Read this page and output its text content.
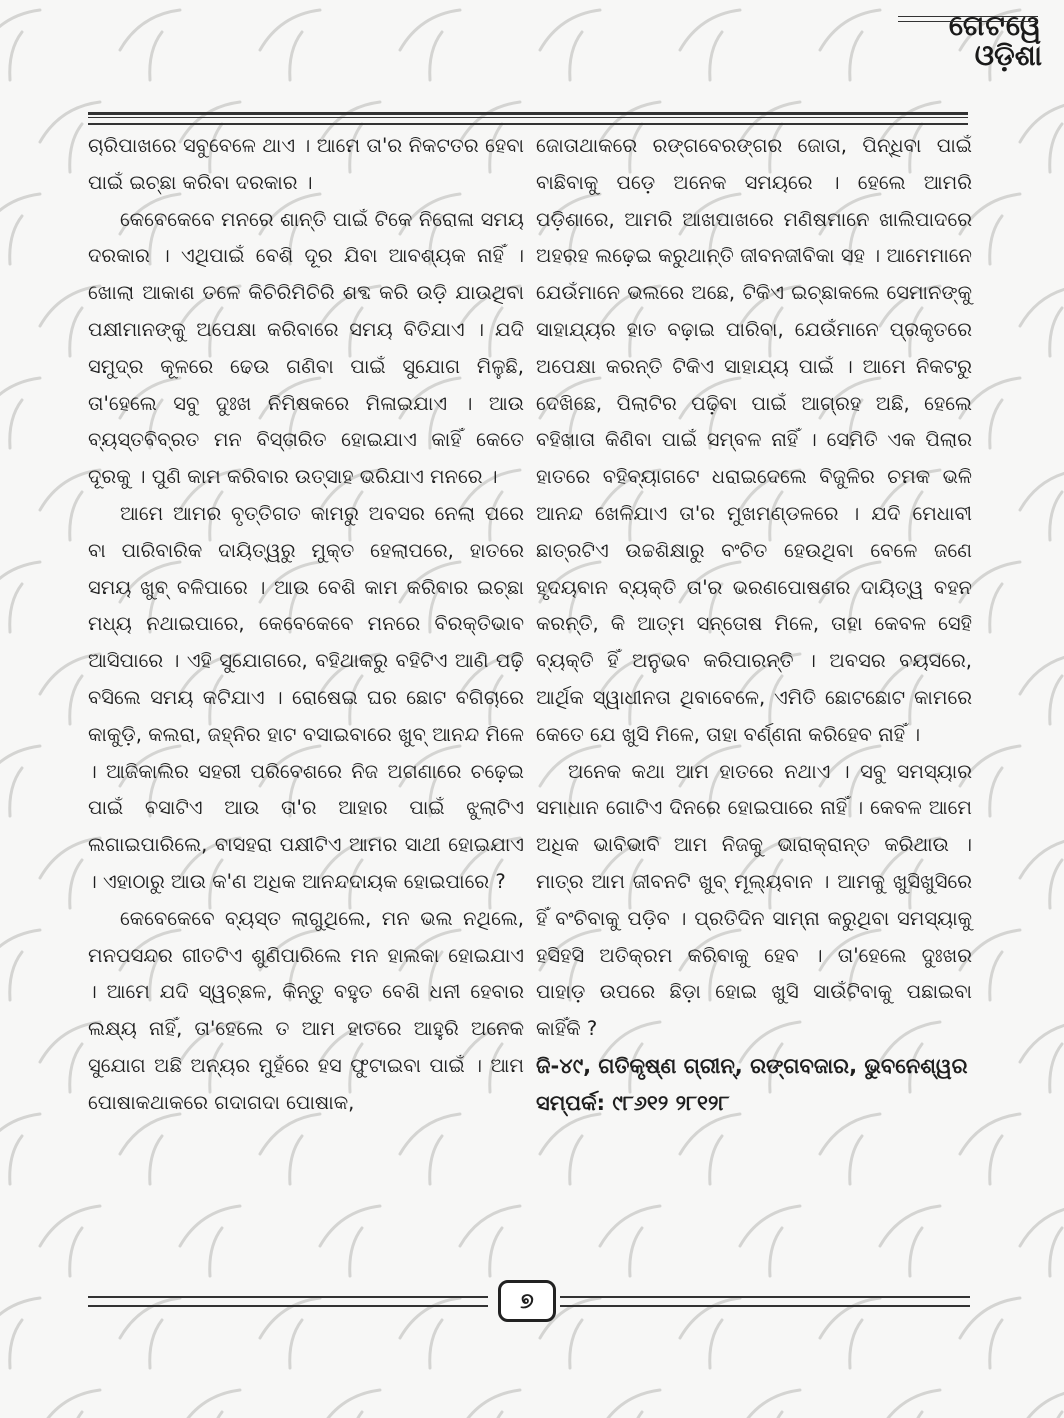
ଗେଟୱେ
ଓଡ଼ିଶା

ଚାରିପାଖରେ ସବୁବେଳେ ଥାଏ । ଆମେ ତା'ର ନିକଟତର ହେବା ପାଇଁ ଇଚ୍ଛା କରିବା ଦରକାର ।

କେବେକେବେ ମନରେ ଶାନ୍ତି ପାଇଁ ଟିକେ ନିରୋଳା ସମୟ ଦରକାର । ଏଥିପାଇଁ ବେଶି ଦୂର ଯିବା ଆବଶ୍ୟକ ନାହିଁ । ଖୋଲା ଆକାଶ ତଳେ କିଚିରିମିଚିରି ଶବ୍ଦ କରି ଉଡ଼ି ଯାଉଥିବା ପକ୍ଷୀମାନଙ୍କୁ ଅପେକ୍ଷା କରିବାରେ ସମୟ ବିତିଯାଏ । ଯଦି ସମୁଦ୍ର କୂଳରେ ଢେଉ ଗଣିବା ପାଇଁ ସୁଯୋଗ ମିଳୁଛି, ତା'ହେଲେ ସବୁ ଦୁଃଖ ନିମିଷକରେ ମିଳାଇଯାଏ । ଆଉ ବ୍ୟସ୍ତବିବ୍ରତ ମନ ବିସ୍ତାରିତ ହୋଇଯାଏ କାହିଁ କେତେ ଦୂରକୁ । ପୁଣି କାମ କରିବାର ଉତ୍ସାହ ଭରିଯାଏ ମନରେ ।

ଆମେ ଆମର ବୃତ୍ତିଗତ କାମରୁ ଅବସର ନେଲା ପରେ ବା ପାରିବାରିକ ଦାୟିତ୍ୱରୁ ମୁକ୍ତ ହେଲାପରେ, ହାତରେ ସମୟ ଖୁବ୍ ବଳିପାରେ । ଆଉ ବେଶି କାମ କରିବାର ଇଚ୍ଛା ମଧ୍ୟ ନଥାଇପାରେ, କେବେକେବେ ମନରେ ବିରକ୍ତିଭାବ ଆସିପାରେ । ଏହି ସୁଯୋଗରେ, ବହିଥାକରୁ ବହିଟିଏ ଆଣି ପଢ଼ି ବସିଲେ ସମୟ କଟିଯାଏ । ରୋଷେଇ ଘର ଛୋଟ ବଗିଚାରେ କାକୁଡ଼ି, କଲରା, ଜହ୍ନିର ହାଟ ବସାଇବାରେ ଖୁବ୍ ଆନନ୍ଦ ମିଳେ । ଆଜିକାଲିର ସହରୀ ପରିବେଶରେ ନିଜ ଅଗଣାରେ ଚଢ଼େଇ ପାଇଁ ବସାଟିଏ ଆଉ ତା'ର ଆହାର ପାଇଁ ଝୁଲାଟିଏ ଲଗାଇପାରିଲେ, ବାସହରା ପକ୍ଷୀଟିଏ ଆମର ସାଥୀ ହୋଇଯାଏ । ଏହାଠାରୁ ଆଉ କ'ଣ ଅଧିକ ଆନନ୍ଦଦାୟକ ହୋଇପାରେ ?

କେବେକେବେ ବ୍ୟସ୍ତ ଲାଗୁଥିଲେ, ମନ ଭଲ ନଥିଲେ, ମନପସନ୍ଦର ଗୀତଟିଏ ଶୁଣିପାରିଲେ ମନ ହାଲକା ହୋଇଯାଏ । ଆମେ ଯଦି ସ୍ୱଚ୍ଛଳ, କିନ୍ତୁ ବହୁତ ବେଶି ଧନୀ ହେବାର ଲକ୍ଷ୍ୟ ନାହିଁ, ତା'ହେଲେ ତ ଆମ ହାତରେ ଆହୁରି ଅନେକ ସୁଯୋଗ ଅଛି ଅନ୍ୟର ମୁହଁରେ ହସ ଫୁଟାଇବା ପାଇଁ । ଆମ ପୋଷାକଥାକରେ ଗଦାଗଦା ପୋଷାକ,

ଜୋତାଥାକରେ ରଙ୍ଗବେରଙ୍ଗର ଜୋତା, ପିନ୍ଧିବା ପାଇଁ ବାଛିବାକୁ ପଡ଼େ ଅନେକ ସମୟରେ । ହେଲେ ଆମରି ପଡ଼ିଶାରେ, ଆମରି ଆଖପାଖରେ ମଣିଷମାନେ ଖାଲିପାଦରେ ଅହରହ ଲଢ଼େଇ କରୁଥାନ୍ତି ଜୀବନଜୀବିକା ସହ । ଆମେମାନେ ଯେଉଁମାନେ ଭଲରେ ଅଛେ, ଟିକିଏ ଇଚ୍ଛାକଲେ ସେମାନଙ୍କୁ ସାହାଯ୍ୟର ହାତ ବଢ଼ାଇ ପାରିବା, ଯେଉଁମାନେ ପ୍ରକୃତରେ ଅପେକ୍ଷା କରନ୍ତି ଟିକିଏ ସାହାଯ୍ୟ ପାଇଁ । ଆମେ ନିକଟରୁ ଦେଖିଛେ, ପିଲାଟିର ପଢ଼ିବା ପାଇଁ ଆଗ୍ରହ ଅଛି, ହେଲେ ବହିଖାତା କିଣିବା ପାଇଁ ସମ୍ବଳ ନାହିଁ । ସେମିତି ଏକ ପିଲାର ହାତରେ ବହିବ୍ୟାଗଟେ ଧରାଇଦେଲେ ବିଜୁଳିର ଚମକ ଭଳି ଆନନ୍ଦ ଖେଳିଯାଏ ତା'ର ମୁଖମଣ୍ଡଳରେ । ଯଦି ମେଧାବୀ ଛାତ୍ରଟିଏ ଉଚ୍ଚଶିକ୍ଷାରୁ ବଂଚିତ ହେଉଥିବା ବେଳେ ଜଣେ ହୃଦୟବାନ ବ୍ୟକ୍ତି ତା'ର ଭରଣପୋଷଣର ଦାୟିତ୍ୱ ବହନ କରନ୍ତି, କି ଆତ୍ମ ସନ୍ତୋଷ ମିଳେ, ତାହା କେବଳ ସେହି ବ୍ୟକ୍ତି ହିଁ ଅନୁଭବ କରିପାରନ୍ତି । ଅବସର ବୟସରେ, ଆର୍ଥିକ ସ୍ୱାଧୀନତା ଥିବାବେଳେ, ଏମିତି ଛୋଟଛୋଟ କାମରେ କେତେ ଯେ ଖୁସି ମିଳେ, ତାହା ବର୍ଣ୍ଣନା କରିହେବ ନାହିଁ ।

ଅନେକ କଥା ଆମ ହାତରେ ନଥାଏ । ସବୁ ସମସ୍ୟାର ସମାଧାନ ଗୋଟିଏ ଦିନରେ ହୋଇପାରେ ନାହିଁ । କେବଳ ଆମେ ଅଧିକ ଭାବିଭାବି ଆମ ନିଜକୁ ଭାରାକ୍ରାନ୍ତ କରିଥାଉ । ମାତ୍ର ଆମ ଜୀବନଟି ଖୁବ୍ ମୂଲ୍ୟବାନ । ଆମକୁ ଖୁସିଖୁସିରେ ହିଁ ବଂଚିବାକୁ ପଡ଼ିବ । ପ୍ରତିଦିନ ସାମ୍ନା କରୁଥିବା ସମସ୍ୟାକୁ ହସିହସି ଅତିକ୍ରମ କରିବାକୁ ହେବ । ତା'ହେଲେ ଦୁଃଖର ପାହାଡ଼ ଉପରେ ଛିଡ଼ା ହୋଇ ଖୁସି ସାଉଁଟିବାକୁ ପଛାଇବା କାହିଁକି ?

ଜି-୪୯, ଗତିକୃଷ୍ଣ ଗ୍ରୀନ୍, ରଙ୍ଗବଜାର, ଭୁବନେଶ୍ୱର

ସମ୍ପର୍କ: ୯୮୬୧୨ ୨୮୧୨୮

୭
